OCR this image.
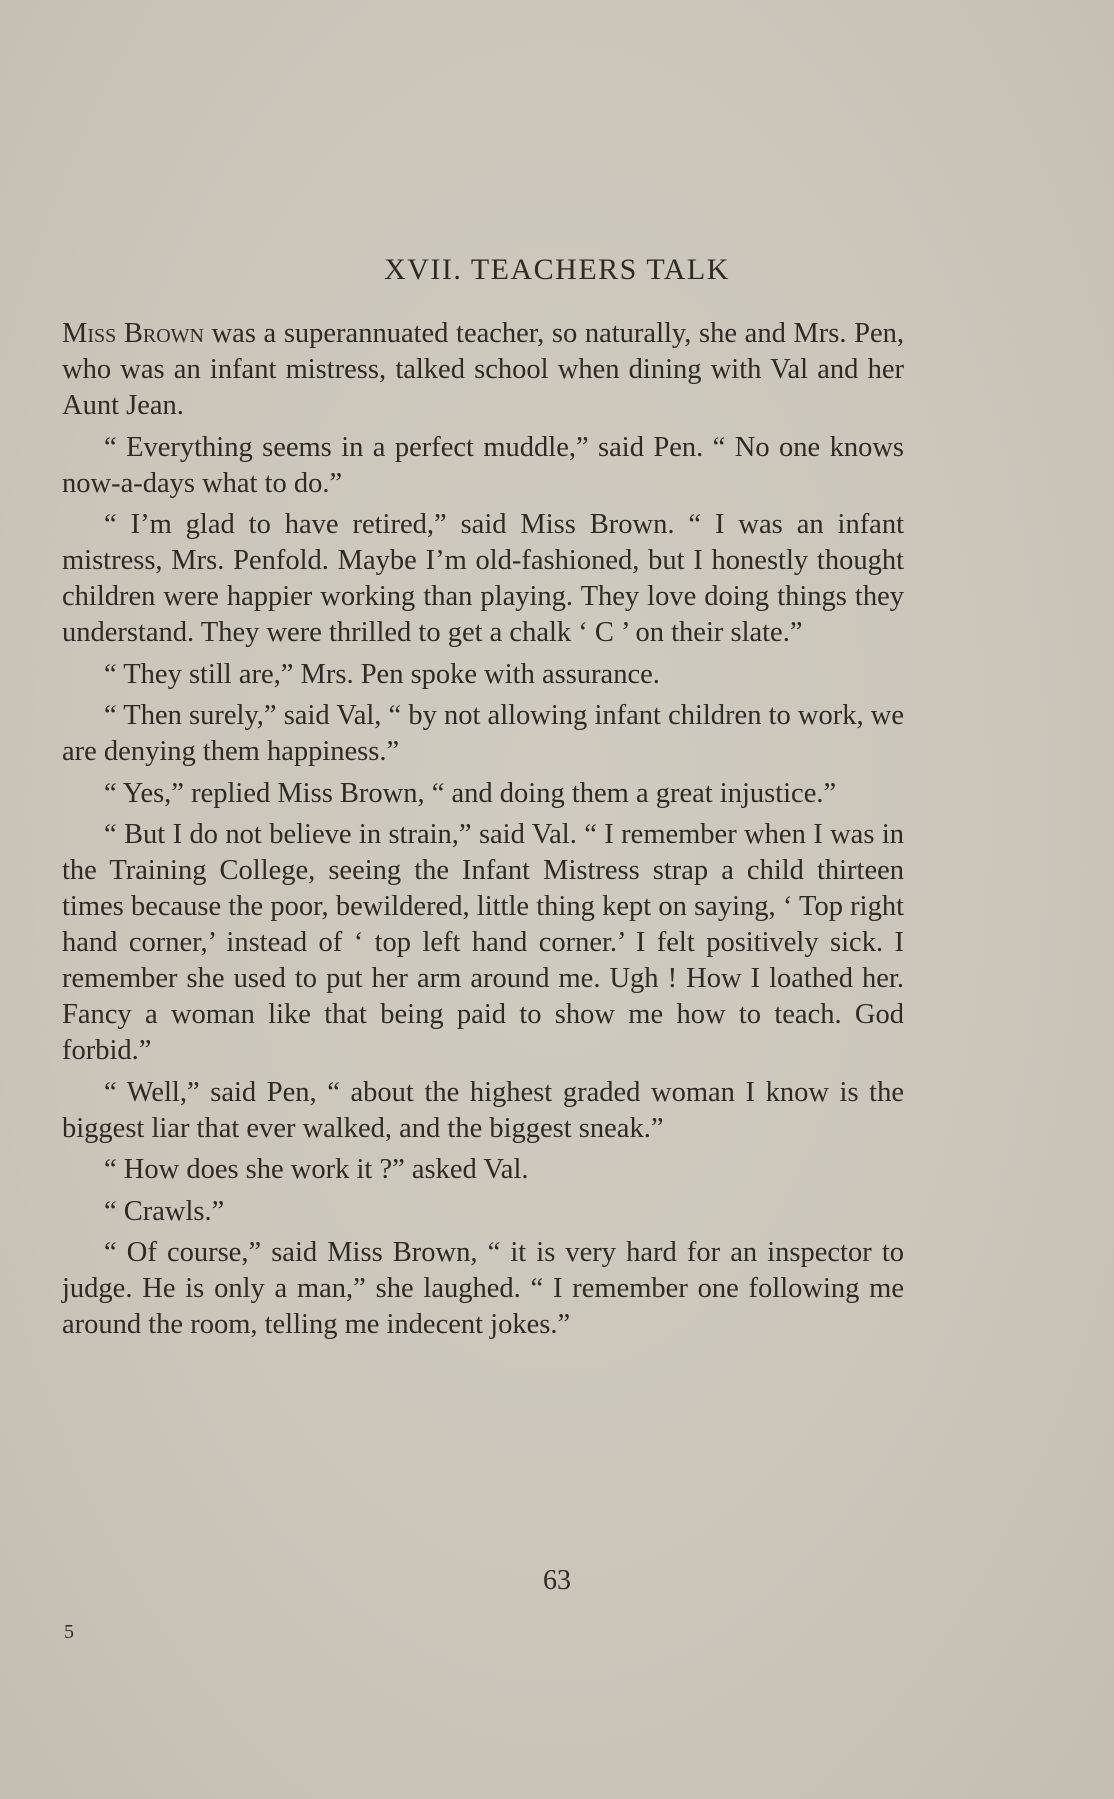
XVII. TEACHERS TALK

Miss Brown was a superannuated teacher, so naturally, she and Mrs. Pen, who was an infant mistress, talked school when dining with Val and her Aunt Jean.

“ Everything seems in a perfect muddle,” said Pen. “ No one knows now-a-days what to do.”

“ I’m glad to have retired,” said Miss Brown. “ I was an infant mistress, Mrs. Penfold. Maybe I’m old-fashioned, but I honestly thought children were happier working than playing. They love doing things they understand. They were thrilled to get a chalk ‘ C ’ on their slate.”

“ They still are,” Mrs. Pen spoke with assurance.

“ Then surely,” said Val, “ by not allowing infant children to work, we are denying them happiness.”

“ Yes,” replied Miss Brown, “ and doing them a great injustice.”

“ But I do not believe in strain,” said Val. “ I remember when I was in the Training College, seeing the Infant Mistress strap a child thirteen times because the poor, bewildered, little thing kept on saying, ‘ Top right hand corner,’ instead of ‘ top left hand corner.’ I felt positively sick. I remember she used to put her arm around me. Ugh ! How I loathed her. Fancy a woman like that being paid to show me how to teach. God forbid.”

“ Well,” said Pen, “ about the highest graded woman I know is the biggest liar that ever walked, and the biggest sneak.”

“ How does she work it ?” asked Val.

“ Crawls.”

“ Of course,” said Miss Brown, “ it is very hard for an inspector to judge. He is only a man,” she laughed. “ I remember one following me around the room, telling me indecent jokes.”

63
5
